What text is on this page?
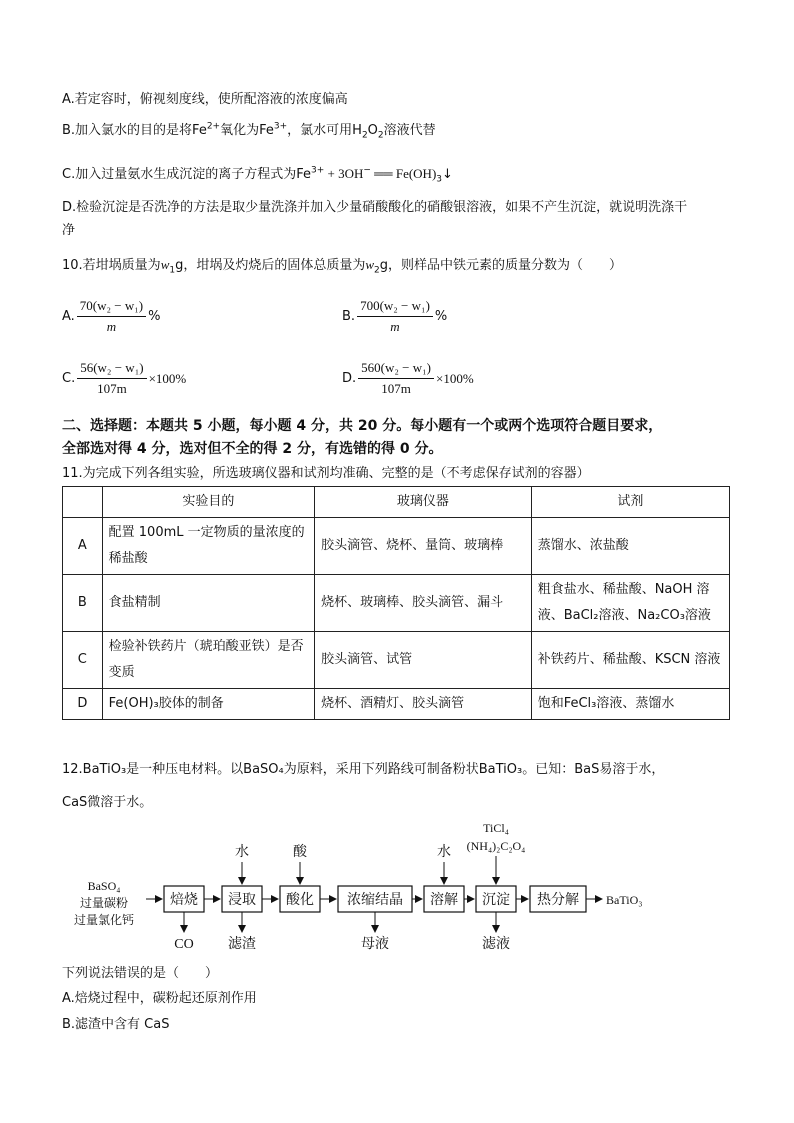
A.若定容时，俯视刻度线，使所配溶液的浓度偏高
B.加入氯水的目的是将$Fe^{2+}$氧化为$Fe^{3+}$，氯水可用$H_2O_2$溶液代替
C.加入过量氨水生成沉淀的离子方程式为$Fe^{3+} + 3OH^-$ ══ $Fe(OH)_3↓$
D.检验沉淀是否洗净的方法是取少量洗涤并加入少量硝酸酸化的硝酸银溶液，如果不产生沉淀，就说明洗涤干
净
10.若坩埚质量为$w_1g$，坩埚及灼烧后的固体总质量为$w_2g$，则样品中铁元素的质量分数为（　　）
A. $\frac{\text{70(w₂ − w₁)}}{m}$ %	B. $\frac{\text{700(w₂ − w₁)}}{m}$ %
C. $\frac{\text{56(w₂ − w₁)}}{107m} \times 100\%$	D. $\frac{\text{560(w₂ − w₁)}}{107m} \times 100\%$
二、选择题：本题共 5 小题，每小题 4 分，共 20 分。每小题有一个或两个选项符合题目要求，
全部选对得 4 分，选对但不全的得 2 分，有选错的得 0 分。
11.为完成下列各组实验，所选玻璃仪器和试剂均准确、完整的是（不考虑保存试剂的容器）
	实验目的	玻璃仪器	试剂
A	配置 100mL 一定物质的量浓度的稀盐酸	胶头滴管、烧杯、量筒、玻璃棒	蒸馏水、浓盐酸
B	食盐精制	烧杯、玻璃棒、胶头滴管、漏斗	粗食盐水、稀盐酸、NaOH 溶液、BaCl₂溶液、Na₂CO₃溶液
C	检验补铁药片（琥珀酸亚铁）是否变质	胶头滴管、试管	补铁药片、稀盐酸、KSCN 溶液
D	Fe(OH)₃胶体的制备	烧杯、酒精灯、胶头滴管	饱和FeCl₃溶液、蒸馏水
12.BaTiO₃是一种压电材料。以BaSO₄为原料，采用下列路线可制备粉状BaTiO₃。已知：BaS易溶于水，
CaS微溶于水。
BaSO₄
过量碳粉
过量氯化钙
焙烧 浸取 酸化 浓缩结晶 溶解 沉淀 热分解 BaTiO₃
水	酸	水
TiCl₄
(NH₄)₂C₂O₄
CO 滤渣	母液	滤液
下列说法错误的是（　　）
A.焙烧过程中，碳粉起还原剂作用
B.滤渣中含有 CaS
